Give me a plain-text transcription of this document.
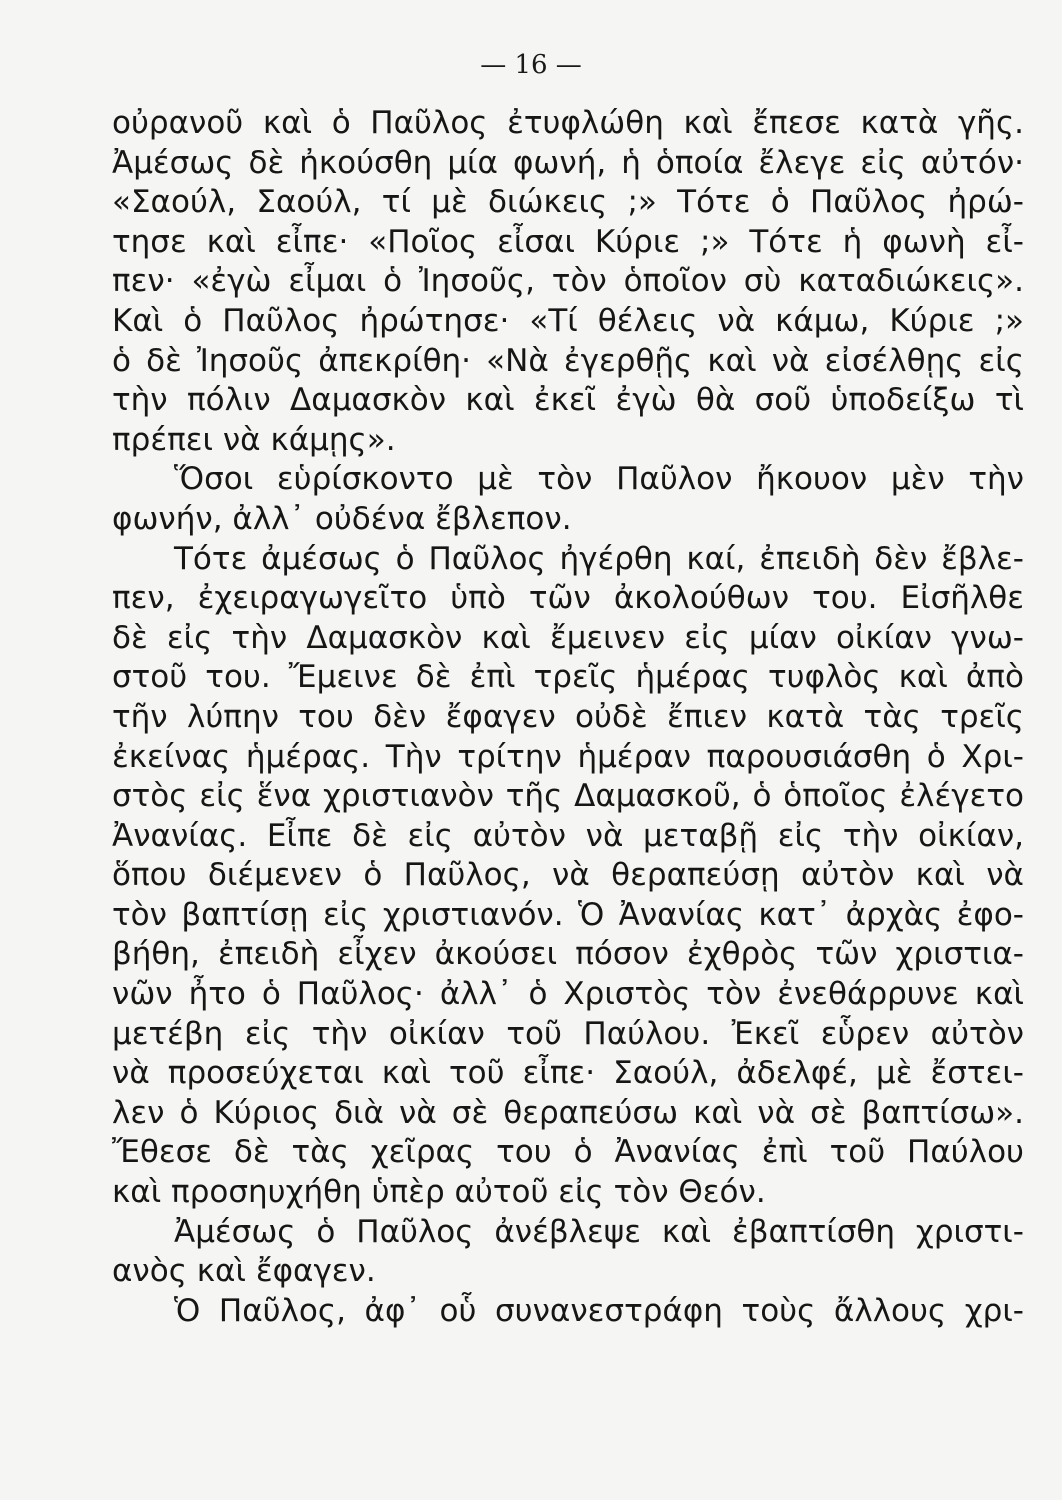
— 16 —
οὐρανοῦ καὶ ὁ Παῦλος ἐτυφλώθη καὶ ἔπεσε κατὰ γῆς.
Ἀμέσως δὲ ἠκούσθη μία φωνή, ἡ ὁποία ἔλεγε εἰς αὐτόν·
«Σαούλ, Σαούλ, τί μὲ διώκεις ;» Τότε ὁ Παῦλος ἠρώ-
τησε καὶ εἶπε· «Ποῖος εἶσαι Κύριε ;» Τότε ἡ φωνὴ εἶ-
πεν· «ἐγὼ εἶμαι ὁ Ἰησοῦς, τὸν ὁποῖον σὺ καταδιώκεις».
Καὶ ὁ Παῦλος ἠρώτησε· «Τί θέλεις νὰ κάμω, Κύριε ;»
ὁ δὲ Ἰησοῦς ἀπεκρίθη· «Νὰ ἐγερθῇς καὶ νὰ εἰσέλθῃς εἰς
τὴν πόλιν Δαμασκὸν καὶ ἐκεῖ ἐγὼ θὰ σοῦ ὑποδείξω τὶ
πρέπει νὰ κάμῃς».
Ὅσοι εὑρίσκοντο μὲ τὸν Παῦλον ἤκουον μὲν τὴν
φωνήν, ἀλλ᾿ οὐδένα ἔβλεπον.
Τότε ἀμέσως ὁ Παῦλος ἠγέρθη καί, ἐπειδὴ δὲν ἔβλε-
πεν, ἐχειραγωγεῖτο ὑπὸ τῶν ἀκολούθων του. Εἰσῆλθε
δὲ εἰς τὴν Δαμασκὸν καὶ ἔμεινεν εἰς μίαν οἰκίαν γνω-
στοῦ του. Ἔμεινε δὲ ἐπὶ τρεῖς ἡμέρας τυφλὸς καὶ ἀπὸ
τῆν λύπην του δὲν ἔφαγεν οὐδὲ ἔπιεν κατὰ τὰς τρεῖς
ἐκείνας ἡμέρας. Τὴν τρίτην ἡμέραν παρουσιάσθη ὁ Χρι-
στὸς εἰς ἕνα χριστιανὸν τῆς Δαμασκοῦ, ὁ ὁποῖος ἐλέγετο
Ἀνανίας. Εἶπε δὲ εἰς αὐτὸν νὰ μεταβῇ εἰς τὴν οἰκίαν,
ὅπου διέμενεν ὁ Παῦλος, νὰ θεραπεύσῃ αὐτὸν καὶ νὰ
τὸν βαπτίσῃ εἰς χριστιανόν. Ὁ Ἀνανίας κατ᾿ ἀρχὰς ἐφο-
βήθη, ἐπειδὴ εἶχεν ἀκούσει πόσον ἐχθρὸς τῶν χριστια-
νῶν ἦτο ὁ Παῦλος· ἀλλ᾿ ὁ Χριστὸς τὸν ἐνεθάρρυνε καὶ
μετέβη εἰς τὴν οἰκίαν τοῦ Παύλου. Ἐκεῖ εὗρεν αὐτὸν
νὰ προσεύχεται καὶ τοῦ εἶπε· Σαούλ, ἀδελφέ, μὲ ἔστει-
λεν ὁ Κύριος διὰ νὰ σὲ θεραπεύσω καὶ νὰ σὲ βαπτίσω».
Ἔθεσε δὲ τὰς χεῖρας του ὁ Ἀνανίας ἐπὶ τοῦ Παύλου
καὶ προσηυχήθη ὑπὲρ αὐτοῦ εἰς τὸν Θεόν.
Ἀμέσως ὁ Παῦλος ἀνέβλεψε καὶ ἐβαπτίσθη χριστι-
ανὸς καὶ ἔφαγεν.
Ὁ Παῦλος, ἀφ᾿ οὗ συνανεστράφη τοὺς ἄλλους χρι-
